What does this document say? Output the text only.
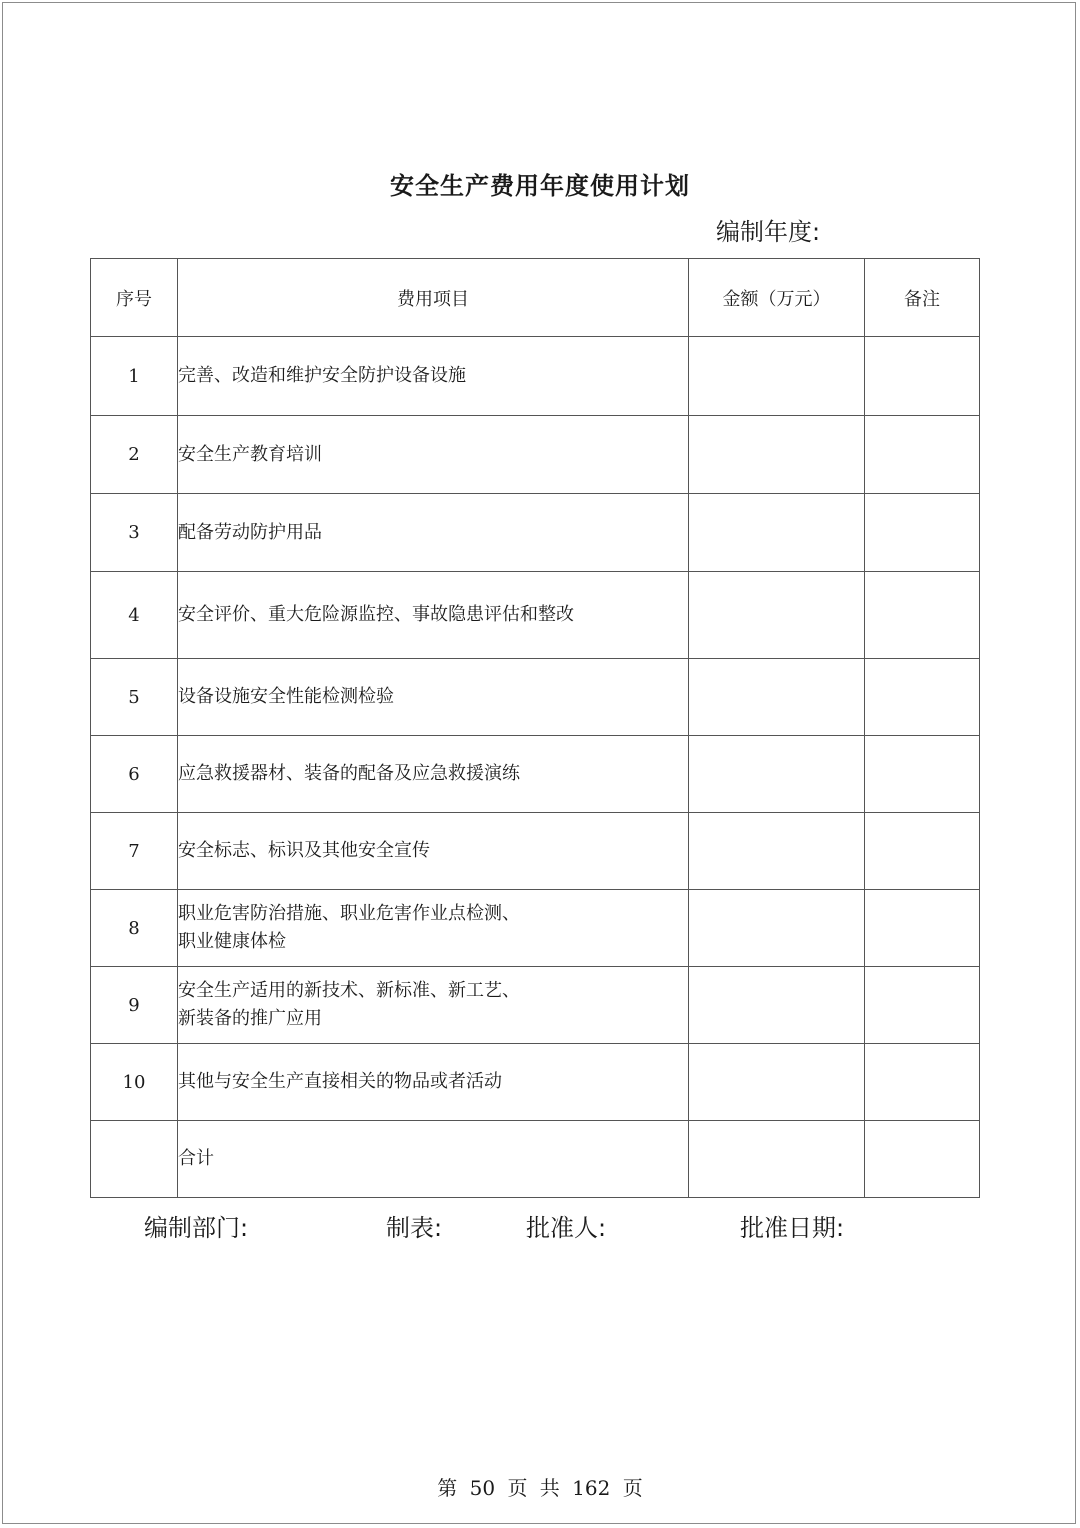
安全生产费用年度使用计划
编制年度:
序号	费用项目	金额（万元）	备注
1	完善、改造和维护安全防护设备设施		
2	安全生产教育培训		
3	配备劳动防护用品		
4	安全评价、重大危险源监控、事故隐患评估和整改		
5	设备设施安全性能检测检验		
6	应急救援器材、装备的配备及应急救援演练		
7	安全标志、标识及其他安全宣传		
8	职业危害防治措施、职业危害作业点检测、
职业健康体检		
9	安全生产适用的新技术、新标准、新工艺、
新装备的推广应用		
10	其他与安全生产直接相关的物品或者活动		
	合计		
编制部门:	制表:	批准人:	批准日期:
第 50 页 共 162 页
